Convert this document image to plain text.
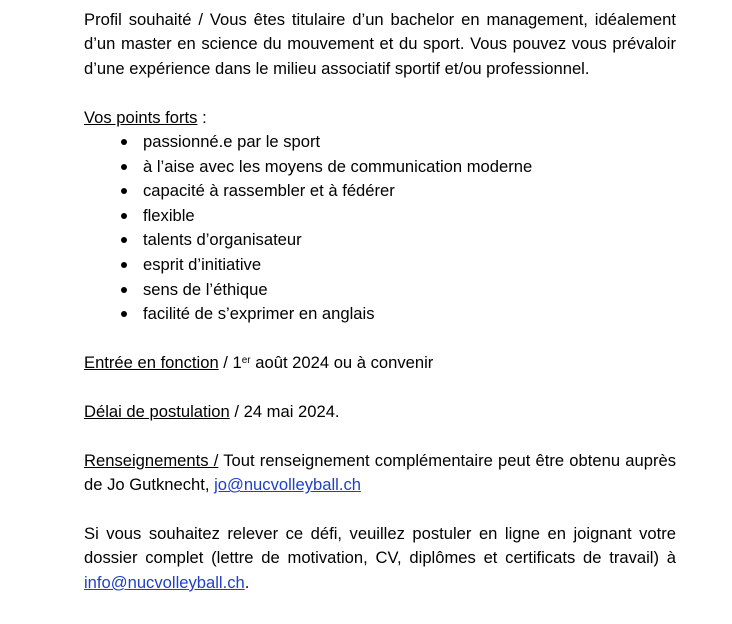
Profil souhaité / Vous êtes titulaire d’un bachelor en management, idéalement

d’un master en science du mouvement et du sport. Vous pouvez vous prévaloir

d’une expérience dans le milieu associatif sportif et/ou professionnel.

Vos points forts :

passionné.e par le sport
à l’aise avec les moyens de communication moderne
capacité à rassembler et à fédérer
flexible
talents d’organisateur
esprit d’initiative
sens de l’éthique
facilité de s’exprimer en anglais

Entrée en fonction / 1er août 2024 ou à convenir

Délai de postulation / 24 mai 2024.

Renseignements / Tout renseignement complémentaire peut être obtenu auprès

de Jo Gutknecht, jo@nucvolleyball.ch

Si vous souhaitez relever ce défi, veuillez postuler en ligne en joignant votre

dossier complet (lettre de motivation, CV, diplômes et certificats de travail) à

info@nucvolleyball.ch.
